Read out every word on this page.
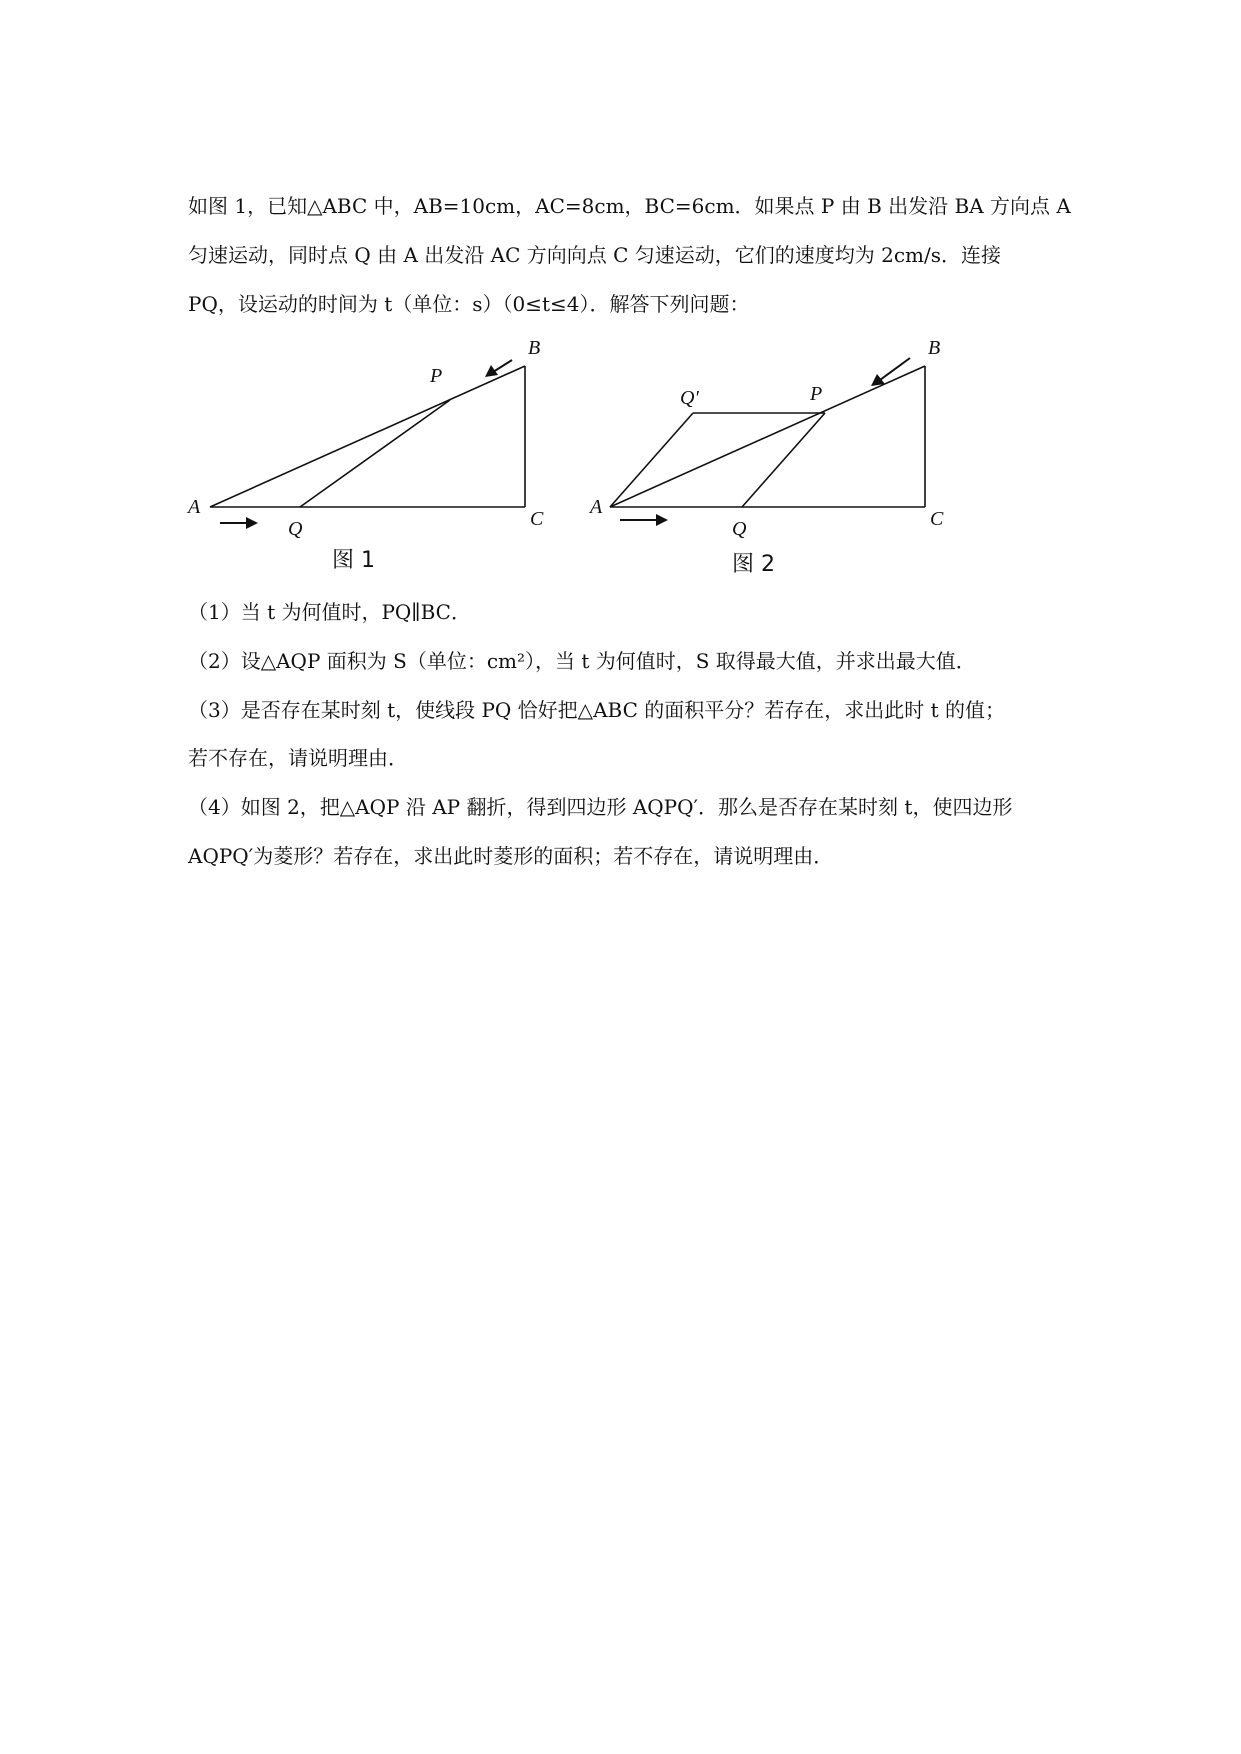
如图 1，已知△ABC 中，AB=10cm，AC=8cm，BC=6cm．如果点 P 由 B 出发沿 BA 方向点 A
匀速运动，同时点 Q 由 A 出发沿 AC 方向向点 C 匀速运动，它们的速度均为 2cm/s．连接
PQ，设运动的时间为 t（单位：s）（0≤t≤4）．解答下列问题：
A
B
C
P
Q
图 1
A
B
C
P
Q
Q′
图 2
（1）当 t 为何值时，PQ∥BC．
（2）设△AQP 面积为 S（单位：cm²），当 t 为何值时，S 取得最大值，并求出最大值．
（3）是否存在某时刻 t，使线段 PQ 恰好把△ABC 的面积平分？若存在，求出此时 t 的值；
若不存在，请说明理由．
（4）如图 2，把△AQP 沿 AP 翻折，得到四边形 AQPQ′．那么是否存在某时刻 t，使四边形
AQPQ′为菱形？若存在，求出此时菱形的面积；若不存在，请说明理由．
